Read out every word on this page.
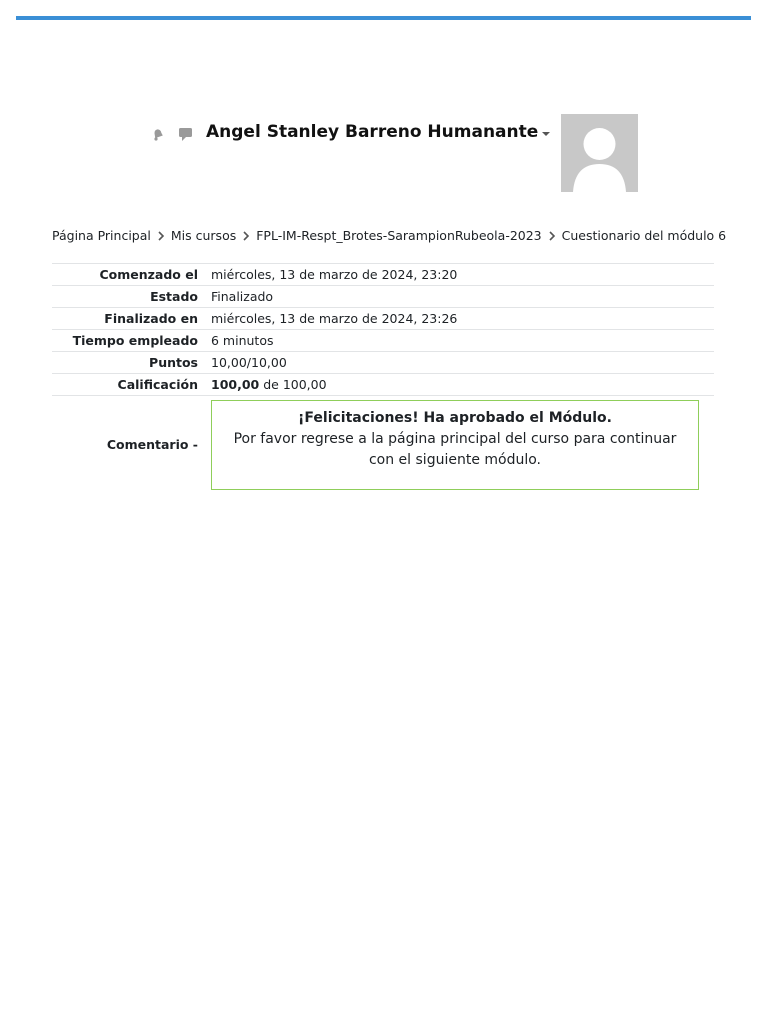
Angel Stanley Barreno Humanante
Página Principal Mis cursos FPL-IM-Respt_Brotes-SarampionRubeola-2023 Cuestionario del módulo 6
Comenzado el	miércoles, 13 de marzo de 2024, 23:20
Estado	Finalizado
Finalizado en	miércoles, 13 de marzo de 2024, 23:26
Tiempo empleado	6 minutos
Puntos	10,00/10,00
Calificación	100,00 de 100,00
Comentario -	¡Felicitaciones! Ha aprobado el Módulo.
Por favor regrese a la página principal del curso para continuar con el siguiente módulo.
